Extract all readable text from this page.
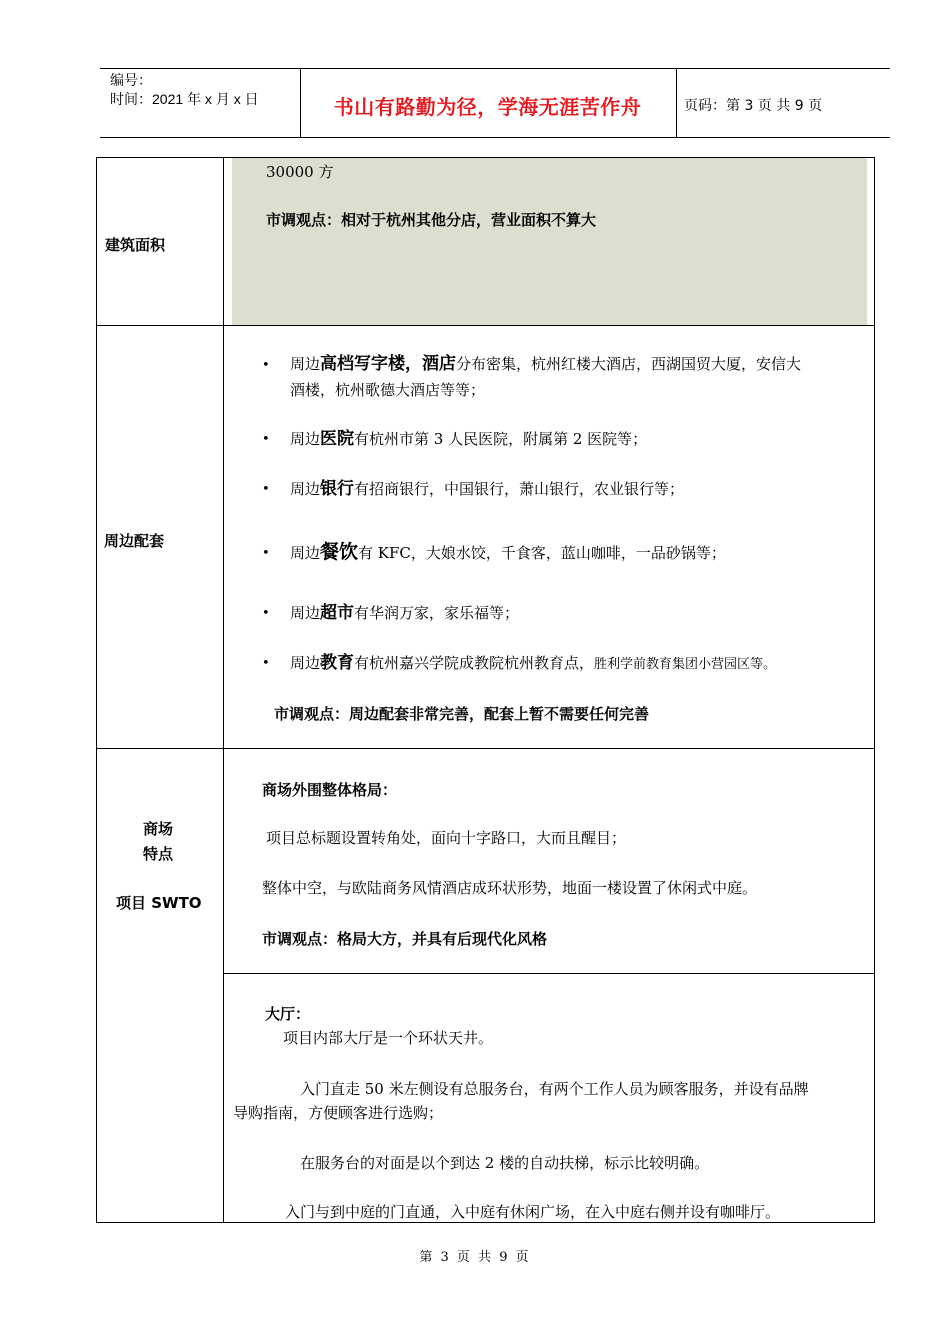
编号：
时间：2021 年 x 月 x 日	书山有路勤为径，学海无涯苦作舟	页码：第 3 页 共 9 页
建筑面积
30000 方
市调观点：相对于杭州其他分店，营业面积不算大
周边配套
• 周边高档写字楼，酒店分布密集，杭州红楼大酒店，西湖国贸大厦，安信大
酒楼，杭州歌德大酒店等等；
• 周边医院有杭州市第 3 人民医院，附属第 2 医院等；
• 周边银行有招商银行，中国银行，萧山银行，农业银行等；
• 周边餐饮有 KFC，大娘水饺，千食客，蓝山咖啡，一品砂锅等；
• 周边超市有华润万家，家乐福等；
• 周边教育有杭州嘉兴学院成教院杭州教育点，胜利学前教育集团小营园区等。
市调观点：周边配套非常完善，配套上暂不需要任何完善
商场
特点
项目 SWTO
商场外围整体格局：
项目总标题设置转角处，面向十字路口，大而且醒目；
整体中空，与欧陆商务风情酒店成环状形势，地面一楼设置了休闲式中庭。
市调观点：格局大方，并具有后现代化风格
大厅：
项目内部大厅是一个环状天井。
入门直走 50 米左侧设有总服务台，有两个工作人员为顾客服务，并设有品牌
导购指南，方便顾客进行选购；
在服务台的对面是以个到达 2 楼的自动扶梯，标示比较明确。
入门与到中庭的门直通，入中庭有休闲广场，在入中庭右侧并设有咖啡厅。
第 3 页 共 9 页
